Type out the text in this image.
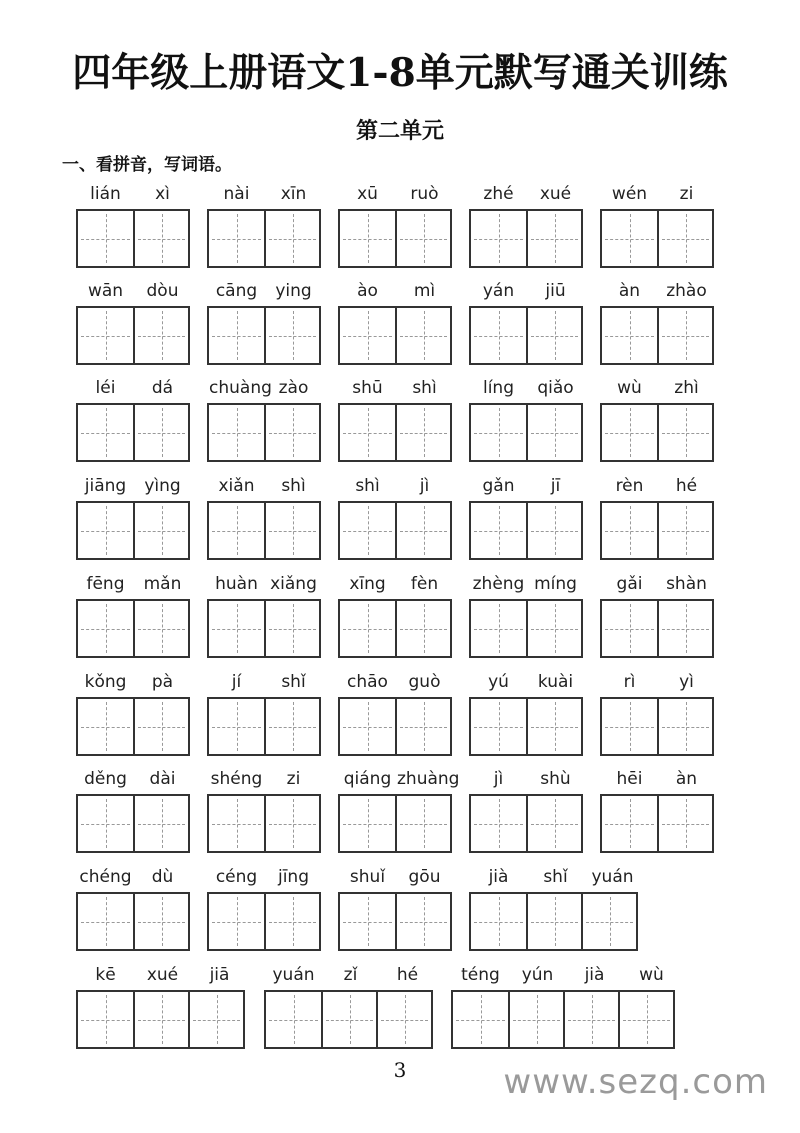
四年级上册语文1-8单元默写通关训练
第二单元
一、看拼音，写词语。
lián	xì	nài	xīn	xū	ruò	zhé	xué	wén	zi
wān	dòu	cāng	ying	ào	mì	yán	jiū	àn	zhào
léi	dá	chuàng zào	shū	shì	líng	qiǎo	wù	zhì
jiāng	yìng	xiǎn	shì	shì	jì	gǎn	jī	rèn	hé
fēng	mǎn	huàn xiǎng	xīng	fèn	zhèng míng	gǎi	shàn
kǒng	pà	jí	shǐ	chāo	guò	yú	kuài	rì	yì
děng	dài	shéng	zi	qiáng zhuàng	jì	shù	hēi	àn
chéng	dù	céng	jīng	shuǐ	gōu	jià	shǐ	yuán
kē	xué	jiā	yuán	zǐ	hé	téng	yún	jià	wù
3	www.sezq.com
